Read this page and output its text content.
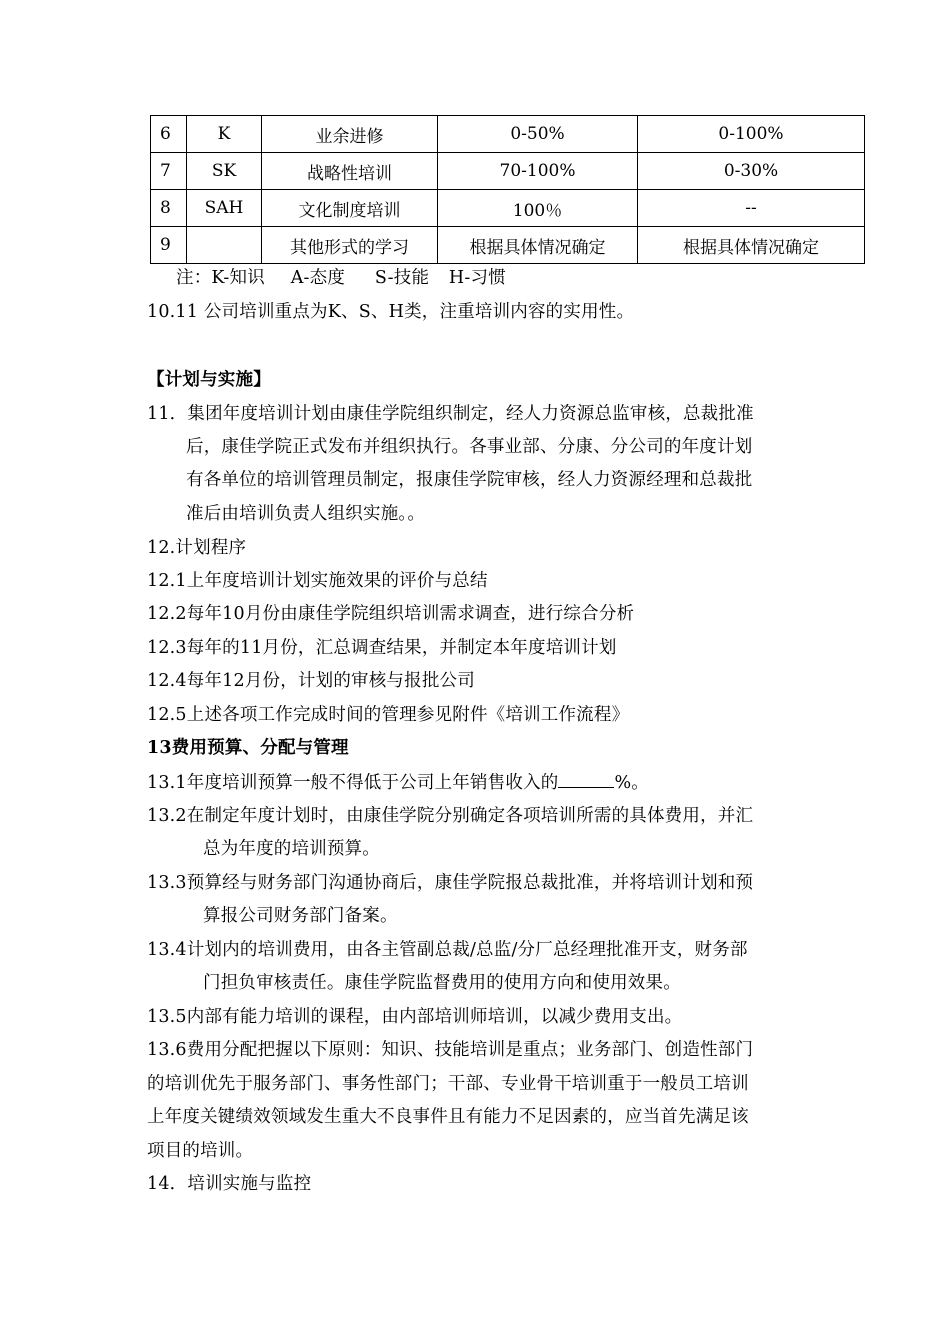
6	K	业余进修	0-50%	0-100%
7	SK	战略性培训	70-100%	0-30%
8	SAH	文化制度培训	100％	--
9		其他形式的学习	根据具体情况确定	根据具体情况确定
注：K-知识 A-态度 S-技能 H-习惯
10.11 公司培训重点为K、S、H类，注重培训内容的实用性。
【计划与实施】
11．集团年度培训计划由康佳学院组织制定，经人力资源总监审核，总裁批准
后，康佳学院正式发布并组织执行。各事业部、分康、分公司的年度计划
有各单位的培训管理员制定，报康佳学院审核，经人力资源经理和总裁批
准后由培训负责人组织实施。。
12.计划程序
12.1上年度培训计划实施效果的评价与总结
12.2每年10月份由康佳学院组织培训需求调查，进行综合分析
12.3每年的11月份，汇总调查结果，并制定本年度培训计划
12.4每年12月份，计划的审核与报批公司
12.5上述各项工作完成时间的管理参见附件《培训工作流程》
13费用预算、分配与管理
13.1年度培训预算一般不得低于公司上年销售收入的	%。
13.2在制定年度计划时，由康佳学院分别确定各项培训所需的具体费用，并汇
总为年度的培训预算。
13.3预算经与财务部门沟通协商后，康佳学院报总裁批准，并将培训计划和预
算报公司财务部门备案。
13.4计划内的培训费用，由各主管副总裁/总监/分厂总经理批准开支，财务部
门担负审核责任。康佳学院监督费用的使用方向和使用效果。
13.5内部有能力培训的课程，由内部培训师培训，以减少费用支出。
13.6费用分配把握以下原则：知识、技能培训是重点；业务部门、创造性部门
的培训优先于服务部门、事务性部门；干部、专业骨干培训重于一般员工培训
上年度关键绩效领域发生重大不良事件且有能力不足因素的，应当首先满足该
项目的培训。
14．培训实施与监控
